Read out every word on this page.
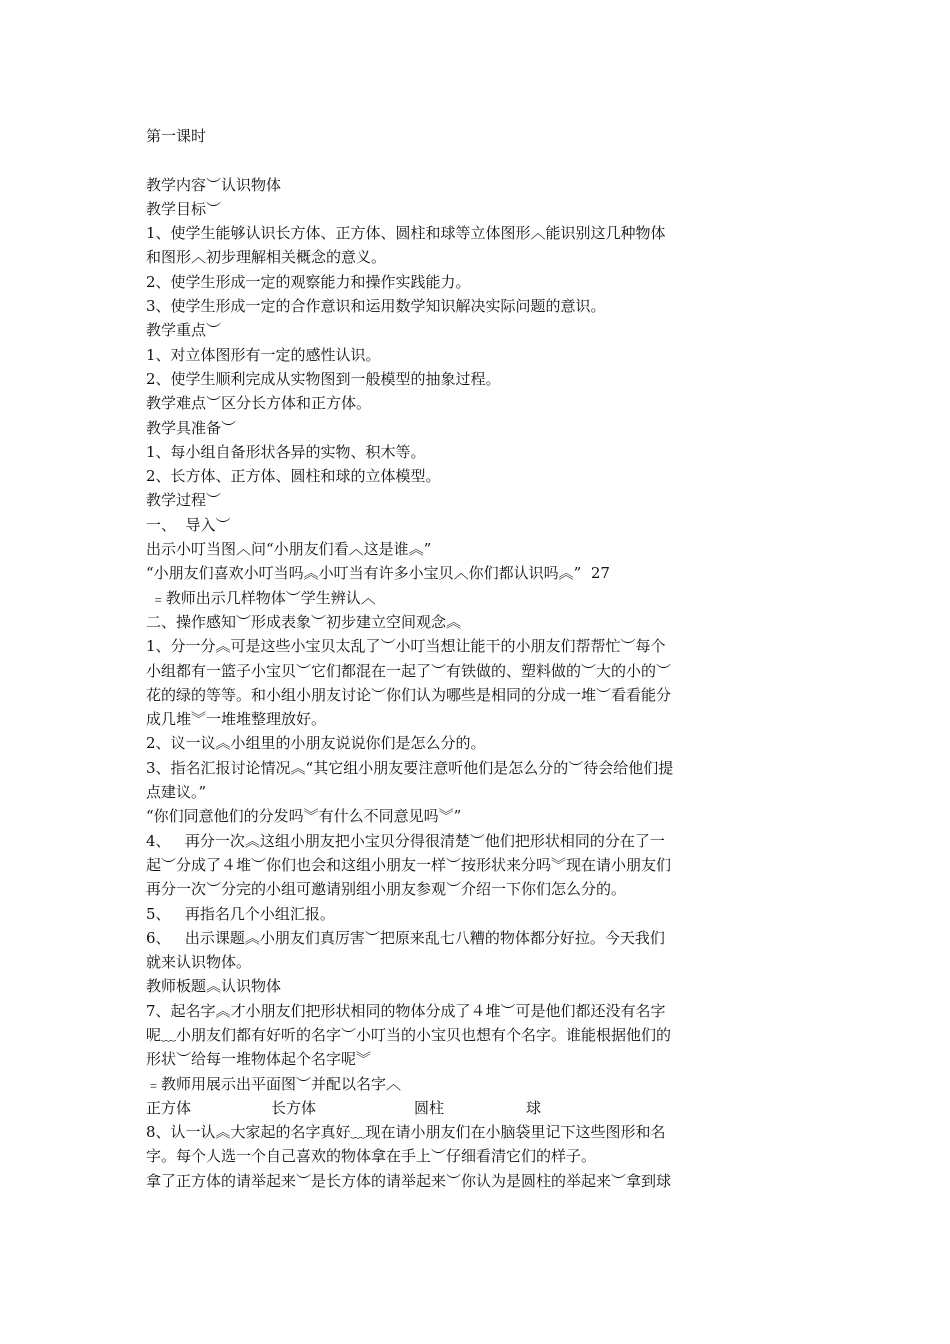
第一课时
教学内容︶认识物体
教学目标︶
1、使学生能够认识长方体、正方体、圆柱和球等立体图形︿能识别这几种物体
和图形︿初步理解相关概念的意义。
2、使学生形成一定的观察能力和操作实践能力。
3、使学生形成一定的合作意识和运用数学知识解决实际问题的意识。
教学重点︶
1、对立体图形有一定的感性认识。
2、使学生顺利完成从实物图到一般模型的抽象过程。
教学难点︶区分长方体和正方体。
教学具准备︶
1、每小组自备形状各异的实物、积木等。
2、长方体、正方体、圆柱和球的立体模型。
教学过程︶
一、  导入︶
出示小叮当图︿问“小朋友们看︿这是谁︽”
“小朋友们喜欢小叮当吗︽小叮当有许多小宝贝︿你们都认识吗︽”  27
﹦教师出示几样物体︶学生辨认︿
二、操作感知︶形成表象︶初步建立空间观念︽
1、分一分︽可是这些小宝贝太乱了︶小叮当想让能干的小朋友们帮帮忙︶每个
小组都有一篮子小宝贝︶它们都混在一起了︶有铁做的、塑料做的︶大的小的︶
花的绿的等等。和小组小朋友讨论︶你们认为哪些是相同的分成一堆︶看看能分
成几堆︾一堆堆整理放好。
2、议一议︽小组里的小朋友说说你们是怎么分的。
3、指名汇报讨论情况︽“其它组小朋友要注意听他们是怎么分的︶待会给他们提
点建议。”
“你们同意他们的分发吗︾有什么不同意见吗︾”
4、   再分一次︽这组小朋友把小宝贝分得很清楚︶他们把形状相同的分在了一
起︶分成了４堆︶你们也会和这组小朋友一样︶按形状来分吗︾现在请小朋友们
再分一次︶分完的小组可邀请别组小朋友参观︶介绍一下你们怎么分的。
5、   再指名几个小组汇报。
6、   出示课题︽小朋友们真厉害︶把原来乱七八糟的物体都分好拉。今天我们
就来认识物体。
教师板题︽认识物体
7、起名字︽才小朋友们把形状相同的物体分成了４堆︶可是他们都还没有名字
呢﹏小朋友们都有好听的名字︶小叮当的小宝贝也想有个名字。谁能根据他们的
形状︶给每一堆物体起个名字呢︾
﹦教师用展示出平面图︶并配以名字︿
正方体	长方体	圆柱	球
8、认一认︽大家起的名字真好﹏现在请小朋友们在小脑袋里记下这些图形和名
字。每个人选一个自己喜欢的物体拿在手上︶仔细看清它们的样子。
拿了正方体的请举起来︶是长方体的请举起来︶你认为是圆柱的举起来︶拿到球
